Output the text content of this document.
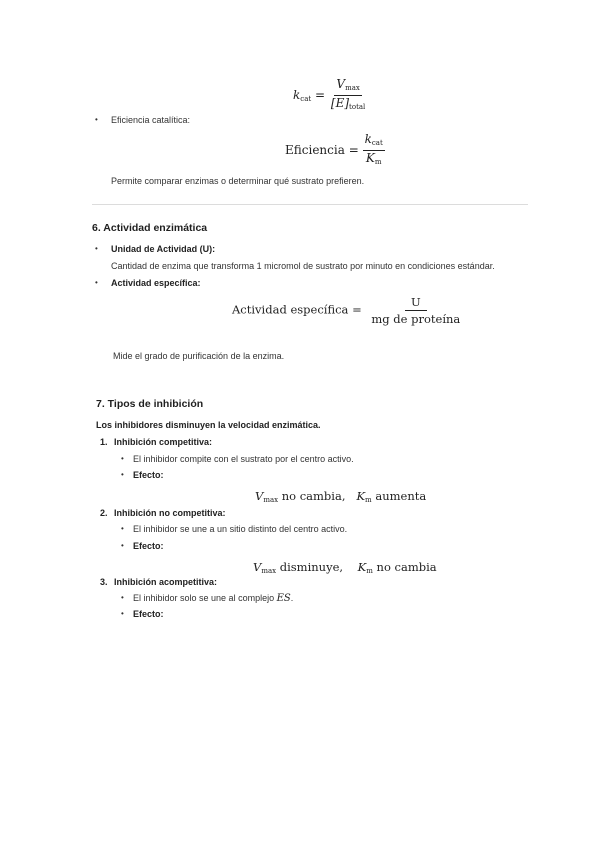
$k_{cat} = \frac{V_{max}}{[E]_{total}}$
• Eficiencia catalítica:
Eficiencia = $\frac{k_{cat}}{K_m}$
Permite comparar enzimas o determinar qué sustrato prefieren.
6. Actividad enzimática
• Unidad de Actividad (U):
Cantidad de enzima que transforma 1 micromol de sustrato por minuto en condiciones estándar.
• Actividad específica:
Actividad específica = $\frac{U}{\text{mg de proteína}}$
Mide el grado de purificación de la enzima.
7. Tipos de inhibición
Los inhibidores disminuyen la velocidad enzimática.
1. Inhibición competitiva:
• El inhibidor compite con el sustrato por el centro activo.
• Efecto:
$V_{max}$ no cambia, $K_m$ aumenta
2. Inhibición no competitiva:
• El inhibidor se une a un sitio distinto del centro activo.
• Efecto:
$V_{max}$ disminuye, $K_m$ no cambia
3. Inhibición acompetitiva:
• El inhibidor solo se une al complejo ES.
• Efecto:
